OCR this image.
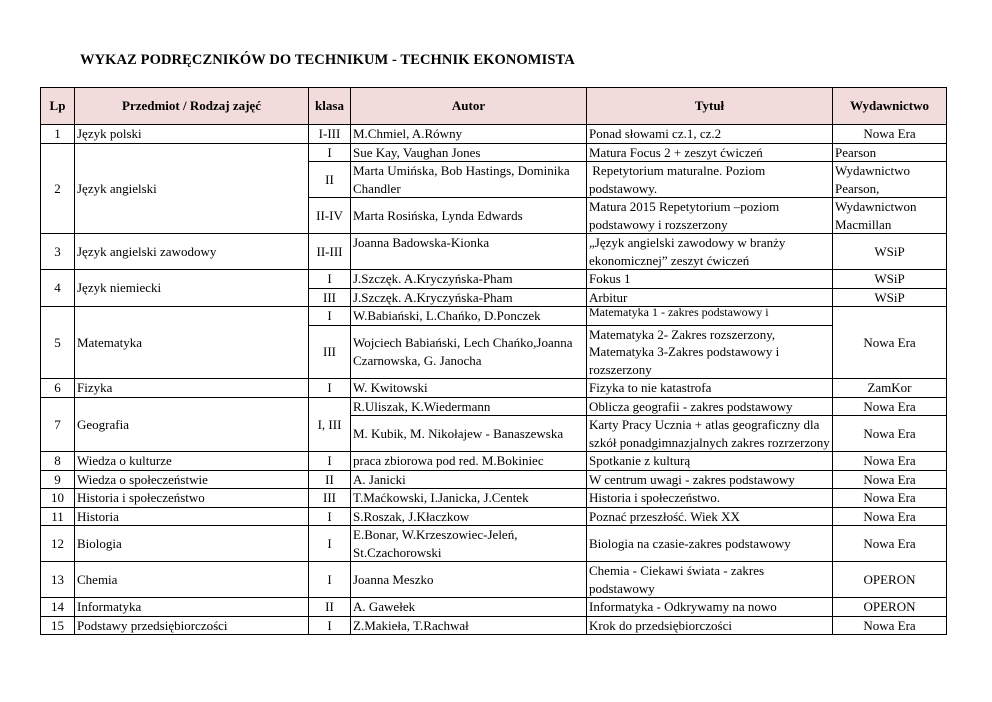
WYKAZ PODRĘCZNIKÓW DO TECHNIKUM - TECHNIK EKONOMISTA
Lp	Przedmiot / Rodzaj zajęć	klasa	Autor	Tytuł	Wydawnictwo
1	Język polski	I-III	M.Chmiel, A.Równy	Ponad słowami cz.1, cz.2	Nowa Era
2	Język angielski	I	Sue Kay, Vaughan Jones	Matura Focus 2 + zeszyt ćwiczeń	Pearson
		II	Marta Umińska, Bob Hastings, Dominika Chandler	Repetytorium maturalne. Poziom podstawowy.	Wydawnictwo Pearson,
		II-IV	Marta Rosińska, Lynda Edwards	Matura 2015 Repetytorium –poziom podstawowy i rozszerzony	Wydawnictwon Macmillan
3	Język angielski zawodowy	II-III	Joanna Badowska-Kionka	„Język angielski zawodowy w branży ekonomicznej” zeszyt ćwiczeń	WSiP
4	Język niemiecki	I	J.Szczęk. A.Kryczyńska-Pham	Fokus 1	WSiP
		III	J.Szczęk. A.Kryczyńska-Pham	Arbitur	WSiP
5	Matematyka	I	W.Babiański, L.Chańko, D.Ponczek	Matematyka 1 - zakres podstawowy i	Nowa Era
		III	Wojciech Babiański, Lech Chańko,Joanna Czarnowska, G. Janocha	Matematyka 2- Zakres rozszerzony, Matematyka 3-Zakres podstawowy i rozszerzony	
6	Fizyka	I	W. Kwitowski	Fizyka to nie katastrofa	ZamKor
7	Geografia	I, III	R.Uliszak, K.Wiedermann	Oblicza geografii - zakres podstawowy	Nowa Era
			M. Kubik, M. Nikołajew - Banaszewska	Karty Pracy Ucznia + atlas geograficzny dla szkół ponadgimnazjalnych zakres rozrzerzony	Nowa Era
8	Wiedza o kulturze	I	praca zbiorowa pod red. M.Bokiniec	Spotkanie z kulturą	Nowa Era
9	Wiedza o społeczeństwie	II	A. Janicki	W centrum uwagi - zakres podstawowy	Nowa Era
10	Historia i społeczeństwo	III	T.Maćkowski, I.Janicka, J.Centek	Historia i społeczeństwo.	Nowa Era
11	Historia	I	S.Roszak, J.Kłaczkow	Poznać przeszłość. Wiek XX	Nowa Era
12	Biologia	I	E.Bonar, W.Krzeszowiec-Jeleń, St.Czachorowski	Biologia na czasie-zakres podstawowy	Nowa Era
13	Chemia	I	Joanna Meszko	Chemia - Ciekawi świata - zakres podstawowy	OPERON
14	Informatyka	II	A. Gawełek	Informatyka - Odkrywamy na nowo	OPERON
15	Podstawy przedsiębiorczości	I	Z.Makieła, T.Rachwał	Krok do przedsiębiorczości	Nowa Era
